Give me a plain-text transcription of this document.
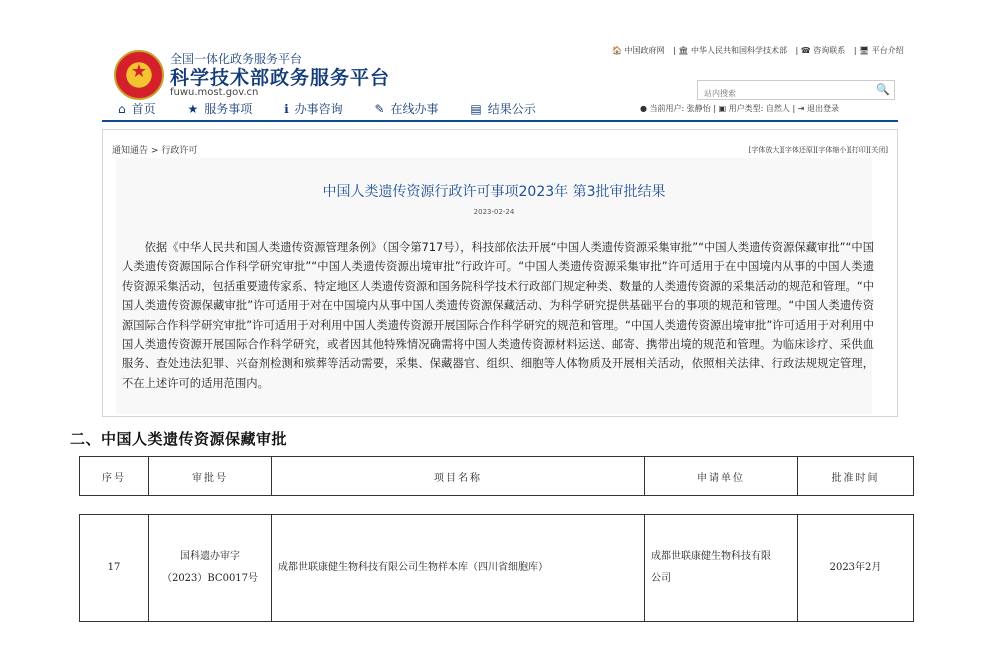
★
全国一体化政务服务平台
科学技术部政务服务平台
fuwu.most.gov.cn
🏠 中国政府网 | 🏛 中华人民共和国科学技术部 | ☎ 咨询联系 | 🖥 平台介绍
站内搜索
🔍
● 当前用户: 张静怡 | ▣ 用户类型: 自然人 | ⇥ 退出登录
⌂ 首页	★ 服务事项	ℹ 办事咨询	✎ 在线办事	▤ 结果公示
通知通告 > 行政许可	[字体放大][字体还原][字体缩小][打印][关闭]
中国人类遗传资源行政许可事项2023年 第3批审批结果
2023-02-24
依据《中华人民共和国人类遗传资源管理条例》（国令第717号），科技部依法开展“中国人类遗传资源采集审批”“中国人类遗传资源保藏审批”“中国人类遗传资源国际合作科学研究审批”“中国人类遗传资源出境审批”行政许可。“中国人类遗传资源采集审批”许可适用于在中国境内从事的中国人类遗传资源采集活动，包括重要遗传家系、特定地区人类遗传资源和国务院科学技术行政部门规定种类、数量的人类遗传资源的采集活动的规范和管理。“中国人类遗传资源保藏审批”许可适用于对在中国境内从事中国人类遗传资源保藏活动、为科学研究提供基础平台的事项的规范和管理。“中国人类遗传资源国际合作科学研究审批”许可适用于对利用中国人类遗传资源开展国际合作科学研究的规范和管理。“中国人类遗传资源出境审批”许可适用于对利用中国人类遗传资源开展国际合作科学研究，或者因其他特殊情况确需将中国人类遗传资源材料运送、邮寄、携带出境的规范和管理。为临床诊疗、采供血服务、查处违法犯罪、兴奋剂检测和殡葬等活动需要，采集、保藏器官、组织、细胞等人体物质及开展相关活动，依照相关法律、行政法规规定管理，不在上述许可的适用范围内。
二、中国人类遗传资源保藏审批
序号	审批号	项目名称	申请单位	批准时间
17	
国科遗办审字
（2023）BC0017号
	成都世联康健生物科技有限公司生物样本库（四川省细胞库）	
成都世联康健生物科技有限
公司
	2023年2月
